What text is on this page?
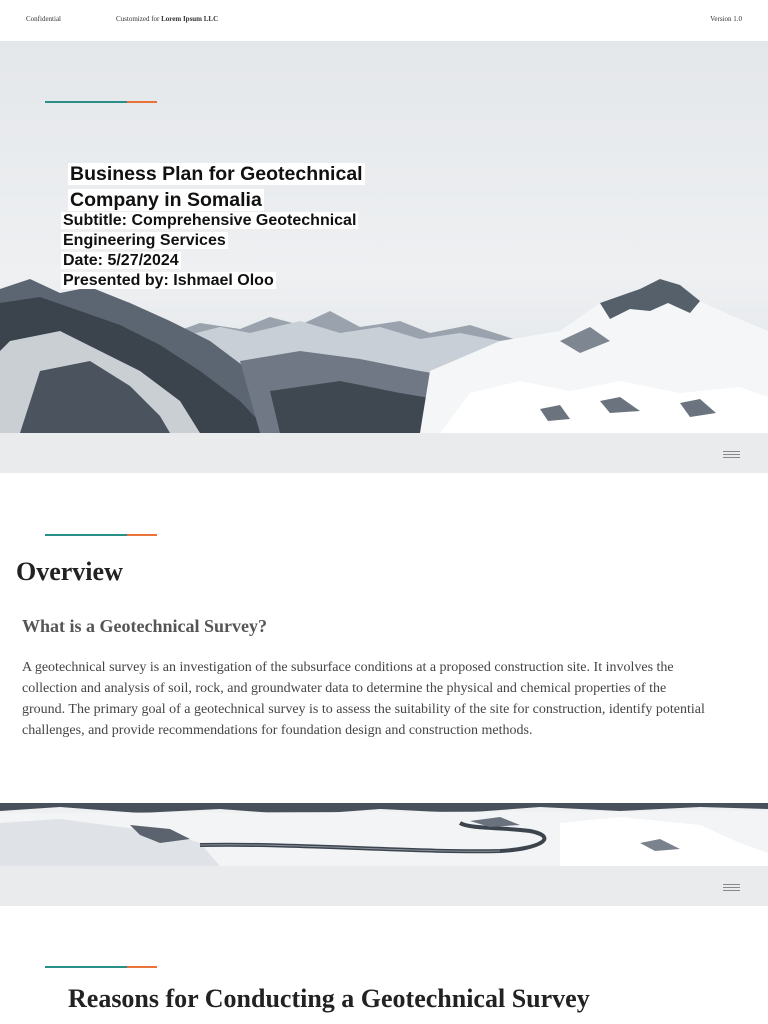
Confidential	Customized for Lorem Ipsum LLC	Version 1.0
Business Plan for Geotechnical
Company in Somalia
Subtitle: Comprehensive Geotechnical
Engineering Services
Date: 5/27/2024
Presented by: Ishmael Oloo
Overview
What is a Geotechnical Survey?
A geotechnical survey is an investigation of the subsurface conditions at a proposed construction site. It involves the collection and analysis of soil, rock, and groundwater data to determine the physical and chemical properties of the ground. The primary goal of a geotechnical survey is to assess the suitability of the site for construction, identify potential challenges, and provide recommendations for foundation design and construction methods.
Reasons for Conducting a Geotechnical Survey
